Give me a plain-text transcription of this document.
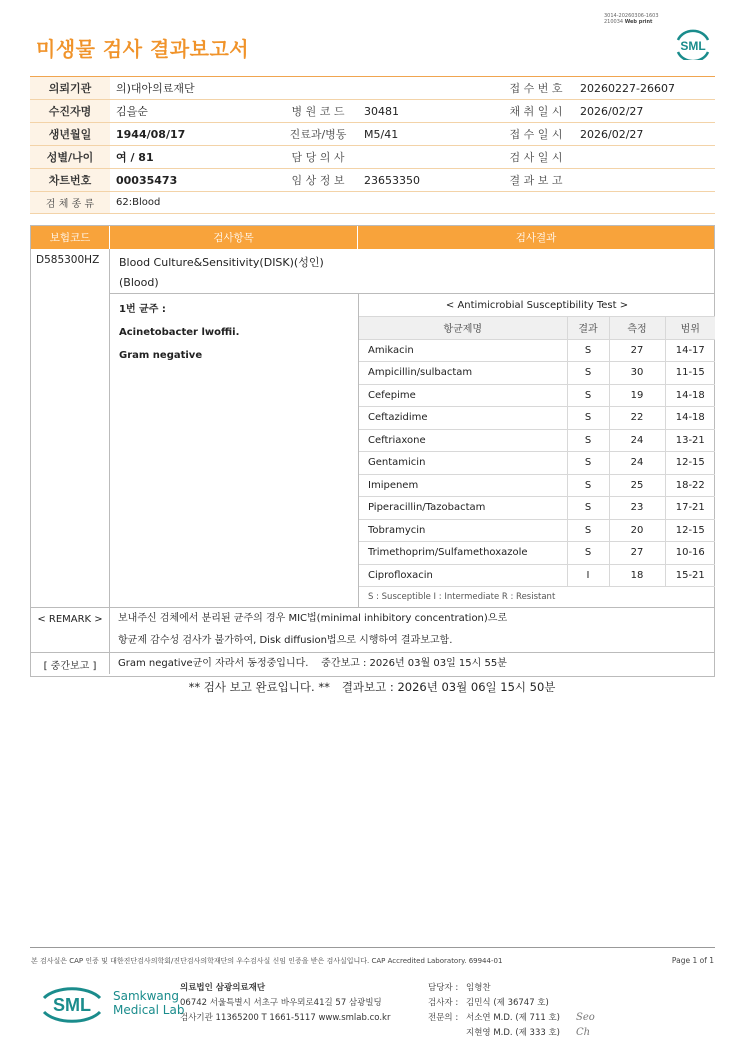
미생물 검사 결과보고서
3014-20260306-1603
210034 Web print
SML
의뢰기관	의)대아의료재단			접 수 번 호	20260227-26607
수진자명	김을순	병 원 코 드	30481	채 취 일 시	2026/02/27
생년월일	1944/08/17	진료과/병동	M5/41	접 수 일 시	2026/02/27
성별/나이	여 / 81	담 당 의 사		검 사 일 시	
차트번호	00035473	임 상 정 보	23653350	결 과 보 고	
검 체 종 류	62:Blood				
보험코드	검사항목	검사결과
D585300HZ Blood Culture&Sensitivity(DISK)(성인)
(Blood)
1번 균주 :
Acinetobacter lwoffii.
Gram negative
< Antimicrobial Susceptibility Test >			
항균제명	결과	측정	범위
Amikacin	S	27	14-17
Ampicillin/sulbactam	S	30	11-15
Cefepime	S	19	14-18
Ceftazidime	S	22	14-18
Ceftriaxone	S	24	13-21
Gentamicin	S	24	12-15
Imipenem	S	25	18-22
Piperacillin/Tazobactam	S	23	17-21
Tobramycin	S	20	12-15
Trimethoprim/Sulfamethoxazole	S	27	10-16
Ciprofloxacin	I	18	15-21
S : Susceptible I : Intermediate R : Resistant			
< REMARK >	보내주신 검체에서 분리된 균주의 경우 MIC법(minimal inhibitory concentration)으로
항균제 감수성 검사가 불가하여, Disk diffusion법으로 시행하여 결과보고함.
[ 중간보고 ]	Gram negative균이 자라서 동정중입니다.    중간보고 : 2026년 03월 03일 15시 55분
** 검사 보고 완료입니다. ** 결과보고 : 2026년 03월 06일 15시 50분
본 검사실은 CAP 인증 및 대한진단검사의학회/진단검사의학재단의 우수검사실 신임 인증을 받은 검사실입니다. CAP Accredited Laboratory. 69944-01	Page 1 of 1
SML Samkwang
Medical Lab
의료법인 삼광의료재단
06742 서울특별시 서초구 바우뫼로41길 57 삼광빌딩
검사기관 11365200 T 1661-5117 www.smlab.co.kr
담당자 : 임형찬
검사자 : 김민식 (제 36747 호)
전문의 : 서소연 M.D. (제 711 호)
지현영 M.D. (제 333 호)
Seo
Ch
